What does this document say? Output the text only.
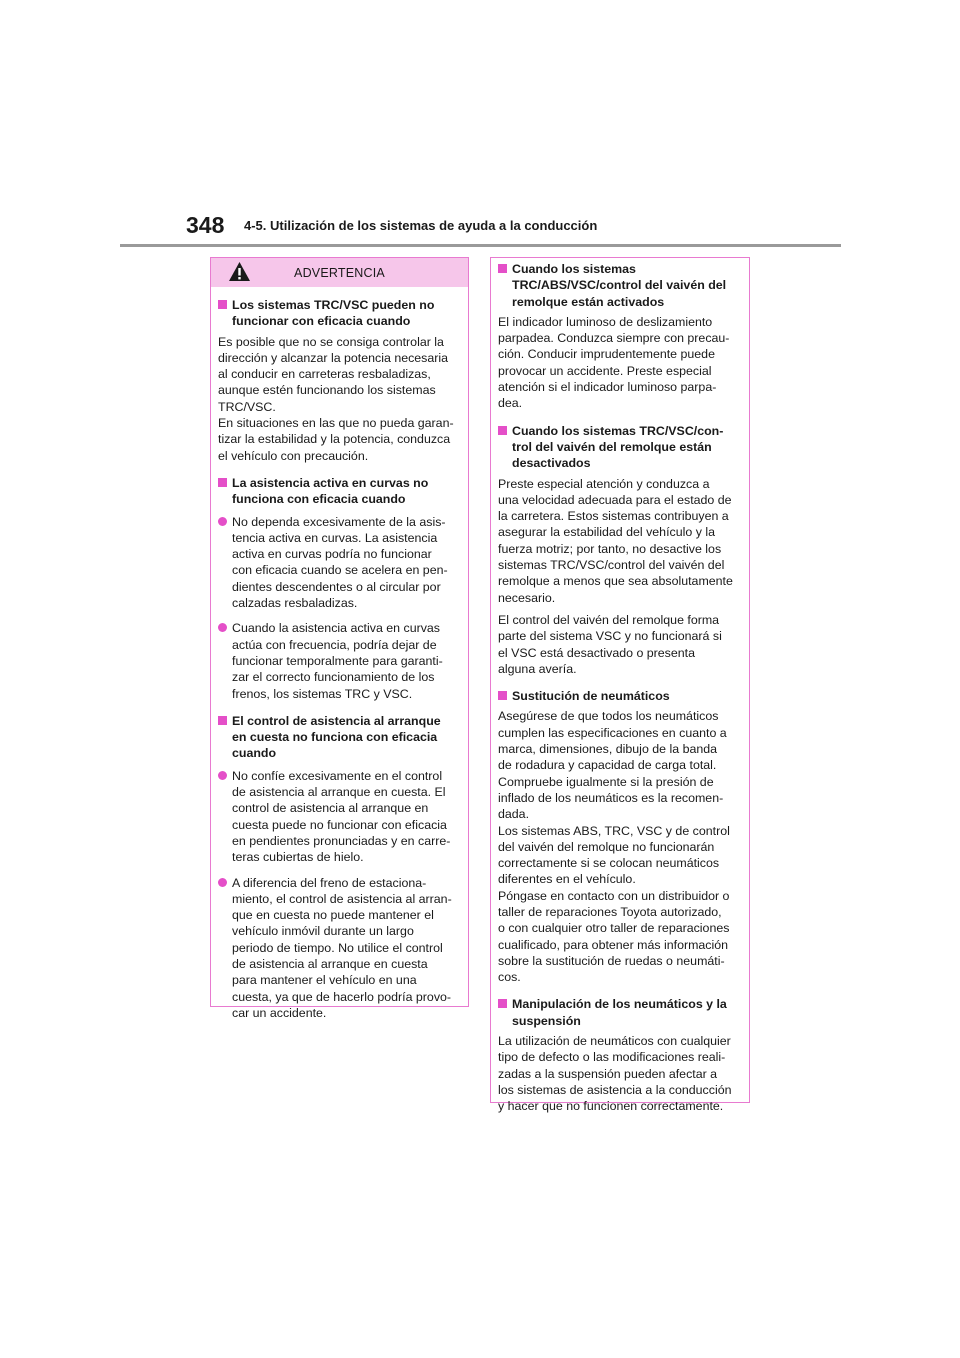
348 4-5. Utilización de los sistemas de ayuda a la conducción
ADVERTENCIA
Los sistemas TRC/VSC pueden no
funcionar con eficacia cuando
Es posible que no se consiga controlar la
dirección y alcanzar la potencia necesaria
al conducir en carreteras resbaladizas,
aunque estén funcionando los sistemas
TRC/VSC.
En situaciones en las que no pueda garan-
tizar la estabilidad y la potencia, conduzca
el vehículo con precaución.
La asistencia activa en curvas no
funciona con eficacia cuando
No dependa excesivamente de la asis-
tencia activa en curvas. La asistencia
activa en curvas podría no funcionar
con eficacia cuando se acelera en pen-
dientes descendentes o al circular por
calzadas resbaladizas.
Cuando la asistencia activa en curvas
actúa con frecuencia, podría dejar de
funcionar temporalmente para garanti-
zar el correcto funcionamiento de los
frenos, los sistemas TRC y VSC.
El control de asistencia al arranque
en cuesta no funciona con eficacia
cuando
No confíe excesivamente en el control
de asistencia al arranque en cuesta. El
control de asistencia al arranque en
cuesta puede no funcionar con eficacia
en pendientes pronunciadas y en carre-
teras cubiertas de hielo.
A diferencia del freno de estaciona-
miento, el control de asistencia al arran-
que en cuesta no puede mantener el
vehículo inmóvil durante un largo
periodo de tiempo. No utilice el control
de asistencia al arranque en cuesta
para mantener el vehículo en una
cuesta, ya que de hacerlo podría provo-
car un accidente.
Cuando los sistemas
TRC/ABS/VSC/control del vaivén del
remolque están activados
El indicador luminoso de deslizamiento
parpadea. Conduzca siempre con precau-
ción. Conducir imprudentemente puede
provocar un accidente. Preste especial
atención si el indicador luminoso parpa-
dea.
Cuando los sistemas TRC/VSC/con-
trol del vaivén del remolque están
desactivados
Preste especial atención y conduzca a
una velocidad adecuada para el estado de
la carretera. Estos sistemas contribuyen a
asegurar la estabilidad del vehículo y la
fuerza motriz; por tanto, no desactive los
sistemas TRC/VSC/control del vaivén del
remolque a menos que sea absolutamente
necesario.
El control del vaivén del remolque forma
parte del sistema VSC y no funcionará si
el VSC está desactivado o presenta
alguna avería.
Sustitución de neumáticos
Asegúrese de que todos los neumáticos
cumplen las especificaciones en cuanto a
marca, dimensiones, dibujo de la banda
de rodadura y capacidad de carga total.
Compruebe igualmente si la presión de
inflado de los neumáticos es la recomen-
dada.
Los sistemas ABS, TRC, VSC y de control
del vaivén del remolque no funcionarán
correctamente si se colocan neumáticos
diferentes en el vehículo.
Póngase en contacto con un distribuidor o
taller de reparaciones Toyota autorizado,
o con cualquier otro taller de reparaciones
cualificado, para obtener más información
sobre la sustitución de ruedas o neumáti-
cos.
Manipulación de los neumáticos y la
suspensión
La utilización de neumáticos con cualquier
tipo de defecto o las modificaciones reali-
zadas a la suspensión pueden afectar a
los sistemas de asistencia a la conducción
y hacer que no funcionen correctamente.
